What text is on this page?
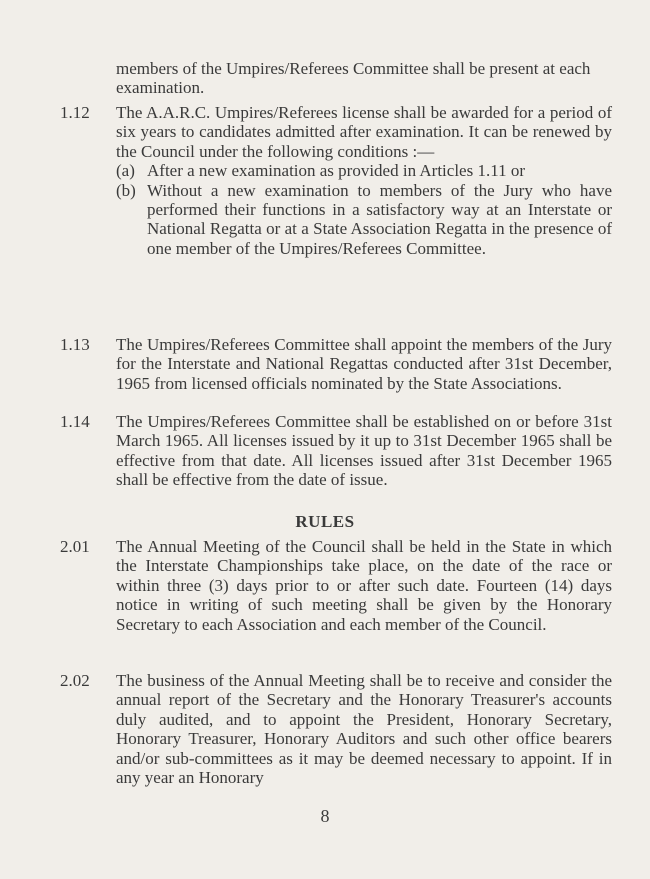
members of the Umpires/Referees Committee shall be present at each examination.
1.12 The A.A.R.C. Umpires/Referees license shall be awarded for a period of six years to candidates admitted after examination. It can be renewed by the Council under the following conditions :—
(a) After a new examination as provided in Articles 1.11 or
(b) Without a new examination to members of the Jury who have performed their functions in a satisfactory way at an Interstate or National Regatta or at a State Association Regatta in the presence of one member of the Umpires/Referees Committee.
1.13 The Umpires/Referees Committee shall appoint the members of the Jury for the Interstate and National Regattas conducted after 31st December, 1965 from licensed officials nominated by the State Associations.
1.14 The Umpires/Referees Committee shall be established on or before 31st March 1965. All licenses issued by it up to 31st December 1965 shall be effective from that date. All licenses issued after 31st December 1965 shall be effective from the date of issue.
RULES
2.01 The Annual Meeting of the Council shall be held in the State in which the Interstate Championships take place, on the date of the race or within three (3) days prior to or after such date. Fourteen (14) days notice in writing of such meeting shall be given by the Honorary Secretary to each Association and each member of the Council.
2.02 The business of the Annual Meeting shall be to receive and consider the annual report of the Secretary and the Honorary Treasurer's accounts duly audited, and to appoint the President, Honorary Secretary, Honorary Treasurer, Honorary Auditors and such other office bearers and/or sub-committees as it may be deemed necessary to appoint. If in any year an Honorary
8
